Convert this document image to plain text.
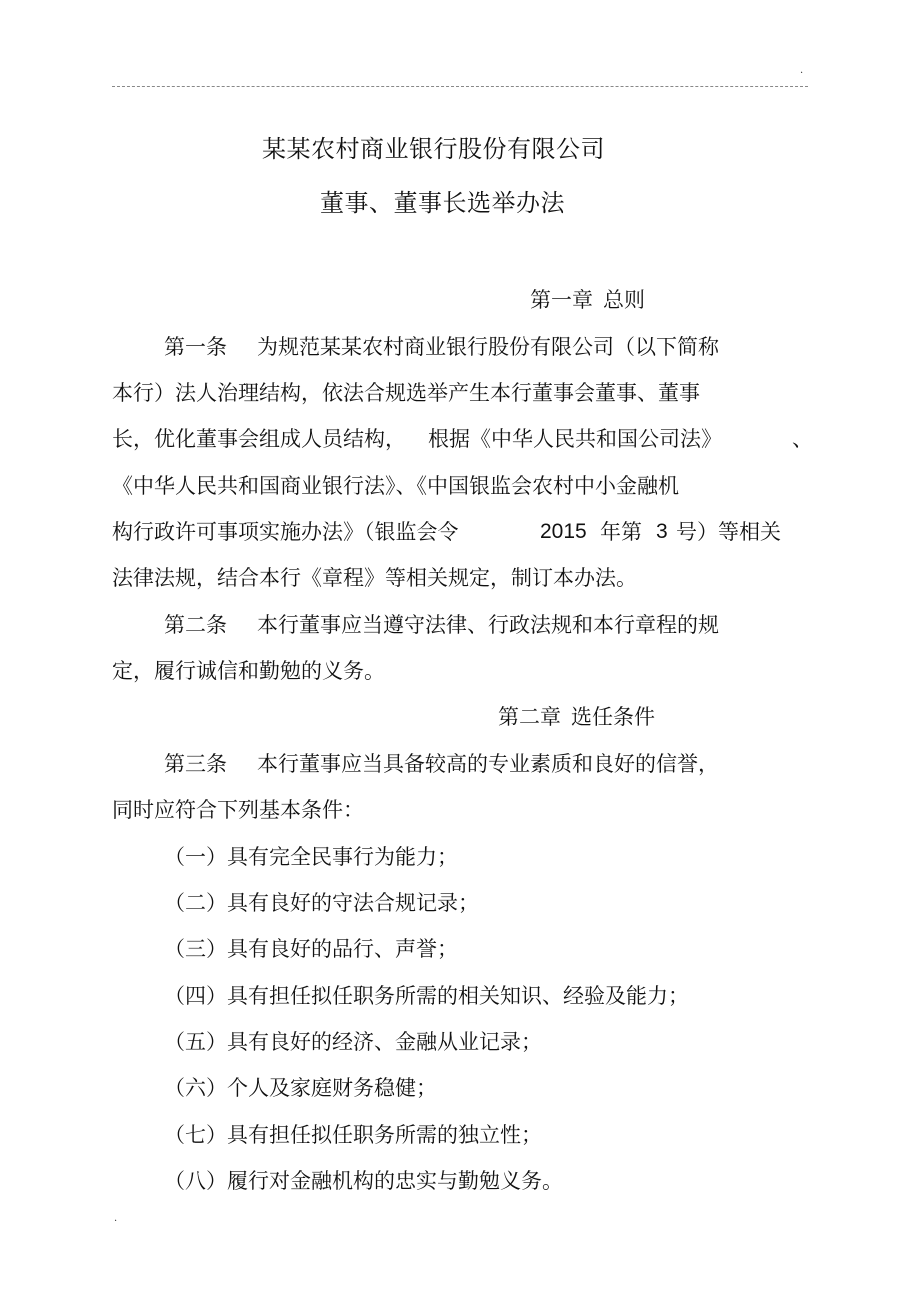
.
某某农村商业银行股份有限公司
董事、董事长选举办法
第一章 总则
第一条 为规范某某农村商业银行股份有限公司（以下简称
本行）法人治理结构，依法合规选举产生本行董事会董事、董事
长，优化董事会组成人员结构， 根据《中华人民共和国公司法》	、
《中华人民共和国商业银行法》、《中国银监会农村中小金融机
构行政许可事项实施办法》（银监会令	2015 年第 3 号）等相关
法律法规，结合本行《章程》等相关规定，制订本办法。
第二条 本行董事应当遵守法律、行政法规和本行章程的规
定，履行诚信和勤勉的义务。
第二章 选任条件
第三条 本行董事应当具备较高的专业素质和良好的信誉，
同时应符合下列基本条件：
（一）具有完全民事行为能力；
（二）具有良好的守法合规记录；
（三）具有良好的品行、声誉；
（四）具有担任拟任职务所需的相关知识、经验及能力；
（五）具有良好的经济、金融从业记录；
（六）个人及家庭财务稳健；
（七）具有担任拟任职务所需的独立性；
（八）履行对金融机构的忠实与勤勉义务。
.
